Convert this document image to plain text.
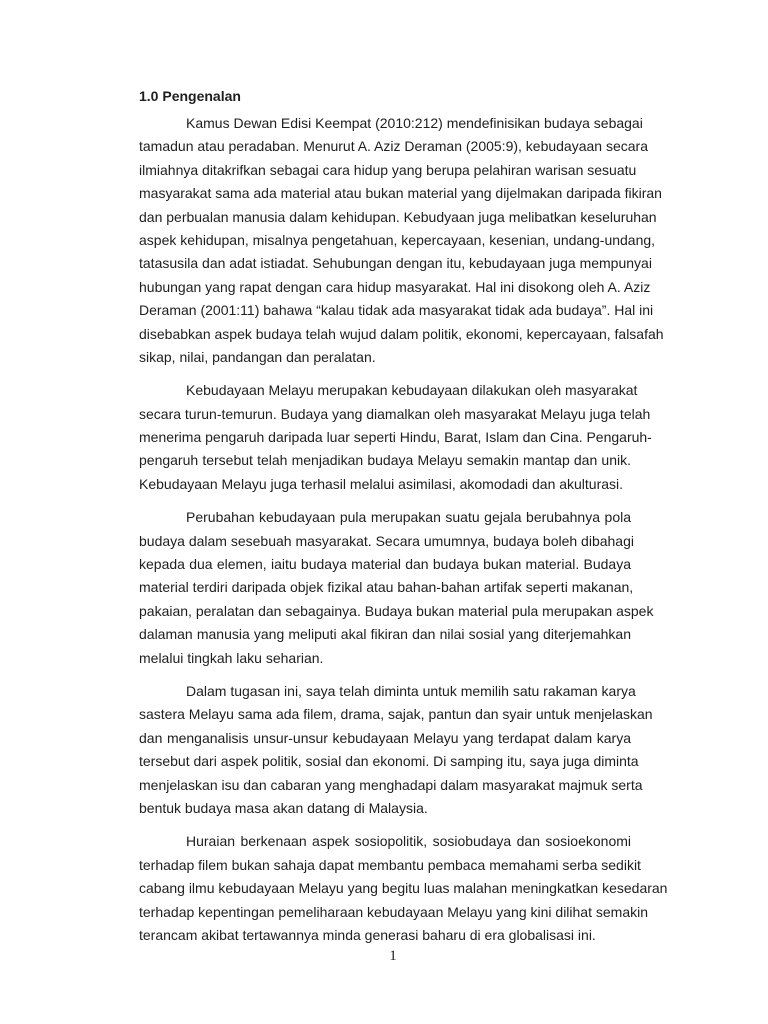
1.0 Pengenalan
Kamus Dewan Edisi Keempat (2010:212) mendefinisikan budaya sebagai
tamadun atau peradaban. Menurut A. Aziz Deraman (2005:9), kebudayaan secara
ilmiahnya ditakrifkan sebagai cara hidup yang berupa pelahiran warisan sesuatu
masyarakat sama ada material atau bukan material yang dijelmakan daripada fikiran
dan perbualan manusia dalam kehidupan. Kebudyaan juga melibatkan keseluruhan
aspek kehidupan, misalnya pengetahuan, kepercayaan, kesenian, undang-undang,
tatasusila dan adat istiadat. Sehubungan dengan itu, kebudayaan juga mempunyai
hubungan yang rapat dengan cara hidup masyarakat. Hal ini disokong oleh A. Aziz
Deraman (2001:11) bahawa “kalau tidak ada masyarakat tidak ada budaya”. Hal ini
disebabkan aspek budaya telah wujud dalam politik, ekonomi, kepercayaan, falsafah
sikap, nilai, pandangan dan peralatan.
Kebudayaan Melayu merupakan kebudayaan dilakukan oleh masyarakat
secara turun-temurun. Budaya yang diamalkan oleh masyarakat Melayu juga telah
menerima pengaruh daripada luar seperti Hindu, Barat, Islam dan Cina. Pengaruh-
pengaruh tersebut telah menjadikan budaya Melayu semakin mantap dan unik.
Kebudayaan Melayu juga terhasil melalui asimilasi, akomodadi dan akulturasi.
Perubahan kebudayaan pula merupakan suatu gejala berubahnya pola
budaya dalam sesebuah masyarakat. Secara umumnya, budaya boleh dibahagi
kepada dua elemen, iaitu budaya material dan budaya bukan material. Budaya
material terdiri daripada objek fizikal atau bahan-bahan artifak seperti makanan,
pakaian, peralatan dan sebagainya. Budaya bukan material pula merupakan aspek
dalaman manusia yang meliputi akal fikiran dan nilai sosial yang diterjemahkan
melalui tingkah laku seharian.
Dalam tugasan ini, saya telah diminta untuk memilih satu rakaman karya
sastera Melayu sama ada filem, drama, sajak, pantun dan syair untuk menjelaskan
dan menganalisis unsur-unsur kebudayaan Melayu yang terdapat dalam karya
tersebut dari aspek politik, sosial dan ekonomi. Di samping itu, saya juga diminta
menjelaskan isu dan cabaran yang menghadapi dalam masyarakat majmuk serta
bentuk budaya masa akan datang di Malaysia.
Huraian berkenaan aspek sosiopolitik, sosiobudaya dan sosioekonomi
terhadap filem bukan sahaja dapat membantu pembaca memahami serba sedikit
cabang ilmu kebudayaan Melayu yang begitu luas malahan meningkatkan kesedaran
terhadap kepentingan pemeliharaan kebudayaan Melayu yang kini dilihat semakin
terancam akibat tertawannya minda generasi baharu di era globalisasi ini.
1
